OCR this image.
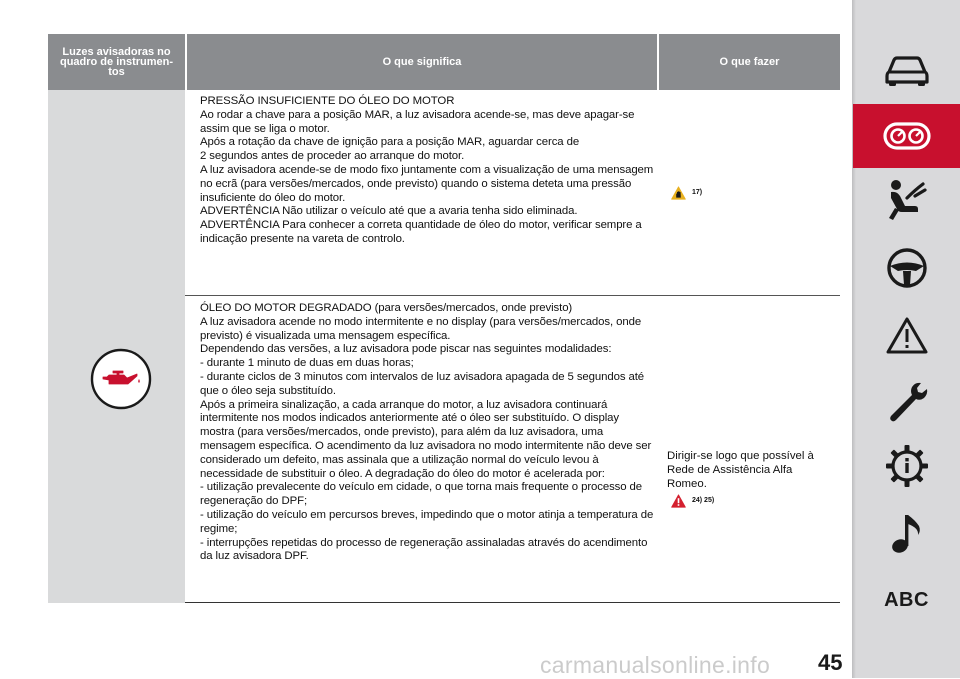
Luzes avisadoras no
quadro de instrumen-
tos
O que significa	O que fazer
PRESSÃO INSUFICIENTE DO ÓLEO DO MOTOR
Ao rodar a chave para a posição MAR, a luz avisadora acende-se, mas deve apagar-se assim que se liga o motor.
Após a rotação da chave de ignição para a posição MAR, aguardar cerca de
2 segundos antes de proceder ao arranque do motor.
A luz avisadora acende-se de modo fixo juntamente com a visualização de uma mensagem no ecrã (para versões/mercados, onde previsto) quando o sistema deteta uma pressão insuficiente do óleo do motor.
ADVERTÊNCIA Não utilizar o veículo até que a avaria tenha sido eliminada.
ADVERTÊNCIA Para conhecer a correta quantidade de óleo do motor, verificar sempre a indicação presente na vareta de controlo.
17)
ÓLEO DO MOTOR DEGRADADO (para versões/mercados, onde previsto)
A luz avisadora acende no modo intermitente e no display (para versões/mercados, onde previsto) é visualizada uma mensagem específica.
Dependendo das versões, a luz avisadora pode piscar nas seguintes modalidades:
- durante 1 minuto de duas em duas horas;
- durante ciclos de 3 minutos com intervalos de luz avisadora apagada de 5 segundos até que o óleo seja substituído.
Após a primeira sinalização, a cada arranque do motor, a luz avisadora continuará intermitente nos modos indicados anteriormente até o óleo ser substituído. O display mostra (para versões/mercados, onde previsto), para além da luz avisadora, uma mensagem específica. O acendimento da luz avisadora no modo intermitente não deve ser considerado um defeito, mas assinala que a utilização normal do veículo levou à necessidade de substituir o óleo. A degradação do óleo do motor é acelerada por:
- utilização prevalecente do veículo em cidade, o que torna mais frequente o processo de regeneração do DPF;
- utilização do veículo em percursos breves, impedindo que o motor atinja a temperatura de regime;
- interrupções repetidas do processo de regeneração assinaladas através do acendimento da luz avisadora DPF.
Dirigir-se logo que possível à Rede de Assistência Alfa Romeo.
24) 25)
ABC
carmanualsonline.info 45
